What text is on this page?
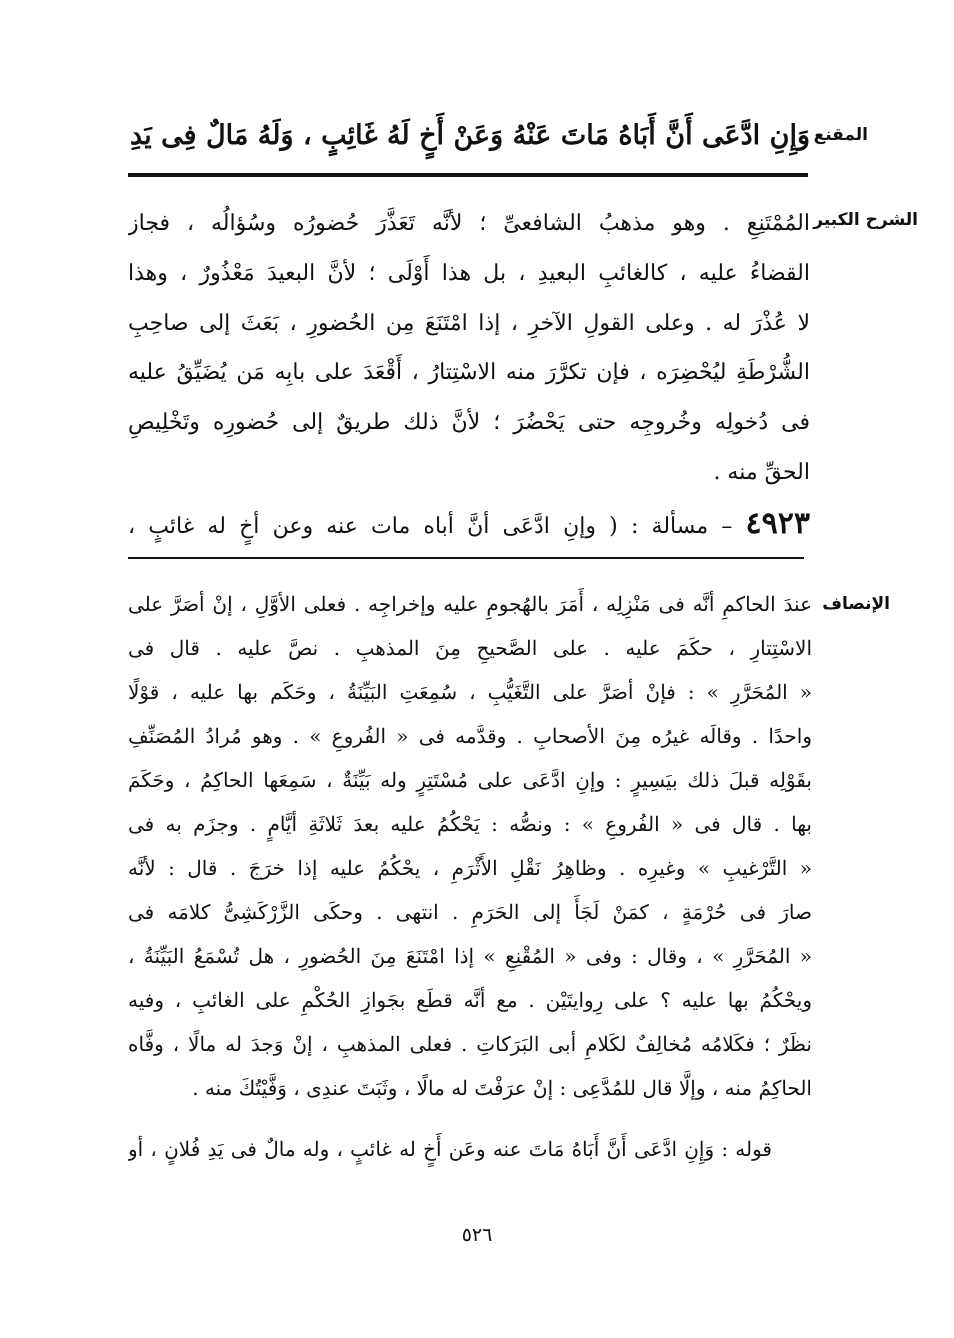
المقنع
الشرح الكبير
الإنصاف
وَإِنِ ادَّعَى أَنَّ أَبَاهُ مَاتَ عَنْهُ وَعَنْ أَخٍ لَهُ غَائِبٍ ، وَلَهُ مَالٌ فِى يَدِ
المُمْتَنِعِ . وهو مذهبُ الشافعىِّ ؛ لأنَّه تَعَذَّرَ حُضورُه وسُؤالُه ، فجاز
القضاءُ عليه ، كالغائبِ البعيدِ ، بل هذا أَوْلَى ؛ لأنَّ البعيدَ مَعْذُورٌ ، وهذا
لا عُذْرَ له . وعلى القولِ الآخرِ ، إذا امْتَنَعَ مِن الحُضورِ ، بَعَثَ إلى صاحِبِ
الشُّرْطَةِ ليُحْضِرَه ، فإن تكرَّرَ منه الاسْتِتارُ ، أَقْعَدَ على بابِه مَن يُضَيِّقُ عليه
فى دُخولِه وخُروجِه حتى يَحْضُرَ ؛ لأنَّ ذلك طريقٌ إلى حُضورِه وتَخْلِيصِ
الحقِّ منه .
٤٩٢٣ – مسألة : ( وإنِ ادَّعَى أنَّ أباه مات عنه وعن أخٍ له غائبٍ ،
عندَ الحاكمِ أنَّه فى مَنْزِلِه ، أَمَرَ بالهُجومِ عليه وإخراجِه . فعلى الأوَّلِ ، إنْ أصَرَّ على
الاسْتِتارِ ، حكَمَ عليه . على الصَّحيحِ مِنَ المذهبِ . نصَّ عليه . قال فى
« المُحَرَّرِ » : فإنْ أصَرَّ على التَّغَيُّبِ ، سُمِعَتِ البَيِّنَةُ ، وحَكَم بها عليه ، قوْلًا
واحدًا . وقالَه غيرُه مِنَ الأصحابِ . وقدَّمه فى « الفُروعِ » . وهو مُرادُ المُصَنِّفِ
بقَوْلِه قبلَ ذلك بيَسِيرٍ : وإنِ ادَّعَى على مُسْتَتِرٍ وله بَيِّنَةٌ ، سَمِعَها الحاكِمُ ، وحَكَمَ
بها . قال فى « الفُروعِ » : ونصُّه : يَحْكُمُ عليه بعدَ ثَلاثَةِ أيَّامٍ . وجزَم به فى
« التَّرْغيبِ » وغيرِه . وظاهِرُ نَقْلِ الأَثْرَمِ ، يحْكُمُ عليه إذا خرَجَ . قال : لأنَّه
صارَ فى حُرْمَةٍ ، كمَنْ لَجَأَ إلى الحَرَمِ . انتهى . وحكَى الزَّرْكَشِىُّ كلامَه فى
« المُحَرَّرِ » ، وقال : وفى « المُقْنِعِ » إذا امْتَنَعَ مِنَ الحُضورِ ، هل تُسْمَعُ البَيِّنَةُ ،
ويحْكُمُ بها عليه ؟ على رِوايتَيْن . مع أنَّه قطَع بجَوازِ الحُكْمِ على الغائبِ ، وفيه
نظَرٌ ؛ فكَلامُه مُخالِفٌ لكَلامِ أبى البَرَكاتِ . فعلى المذهبِ ، إنْ وَجدَ له مالًا ، وفَّاه
الحاكِمُ منه ، وإلَّا قال للمُدَّعِى : إنْ عرَفْتَ له مالًا ، وثَبَتَ عندِى ، وَفَّيْتُكَ منه .
قوله : وَإِنِ ادَّعَى أَنَّ أَبَاهُ مَاتَ عنه وعَن أَخٍ له غائبٍ ، وله مالٌ فى يَدِ فُلانٍ ، أو
٥٢٦
